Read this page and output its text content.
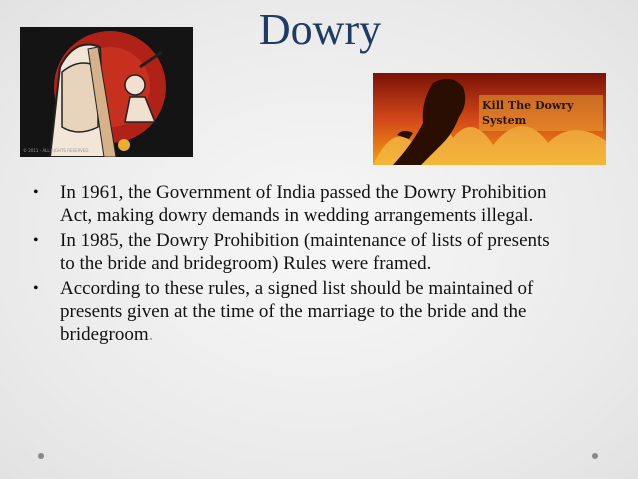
Dowry
© 2011 - ALL RIGHTS RESERVED.
Kill The Dowry
System
• In 1961, the Government of India passed the Dowry Prohibition Act, making dowry demands in wedding arrangements illegal.
• In 1985, the Dowry Prohibition (maintenance of lists of presents to the bride and bridegroom) Rules were framed.
• According to these rules, a signed list should be maintained of presents given at the time of the marriage to the bride and the bridegroom.
